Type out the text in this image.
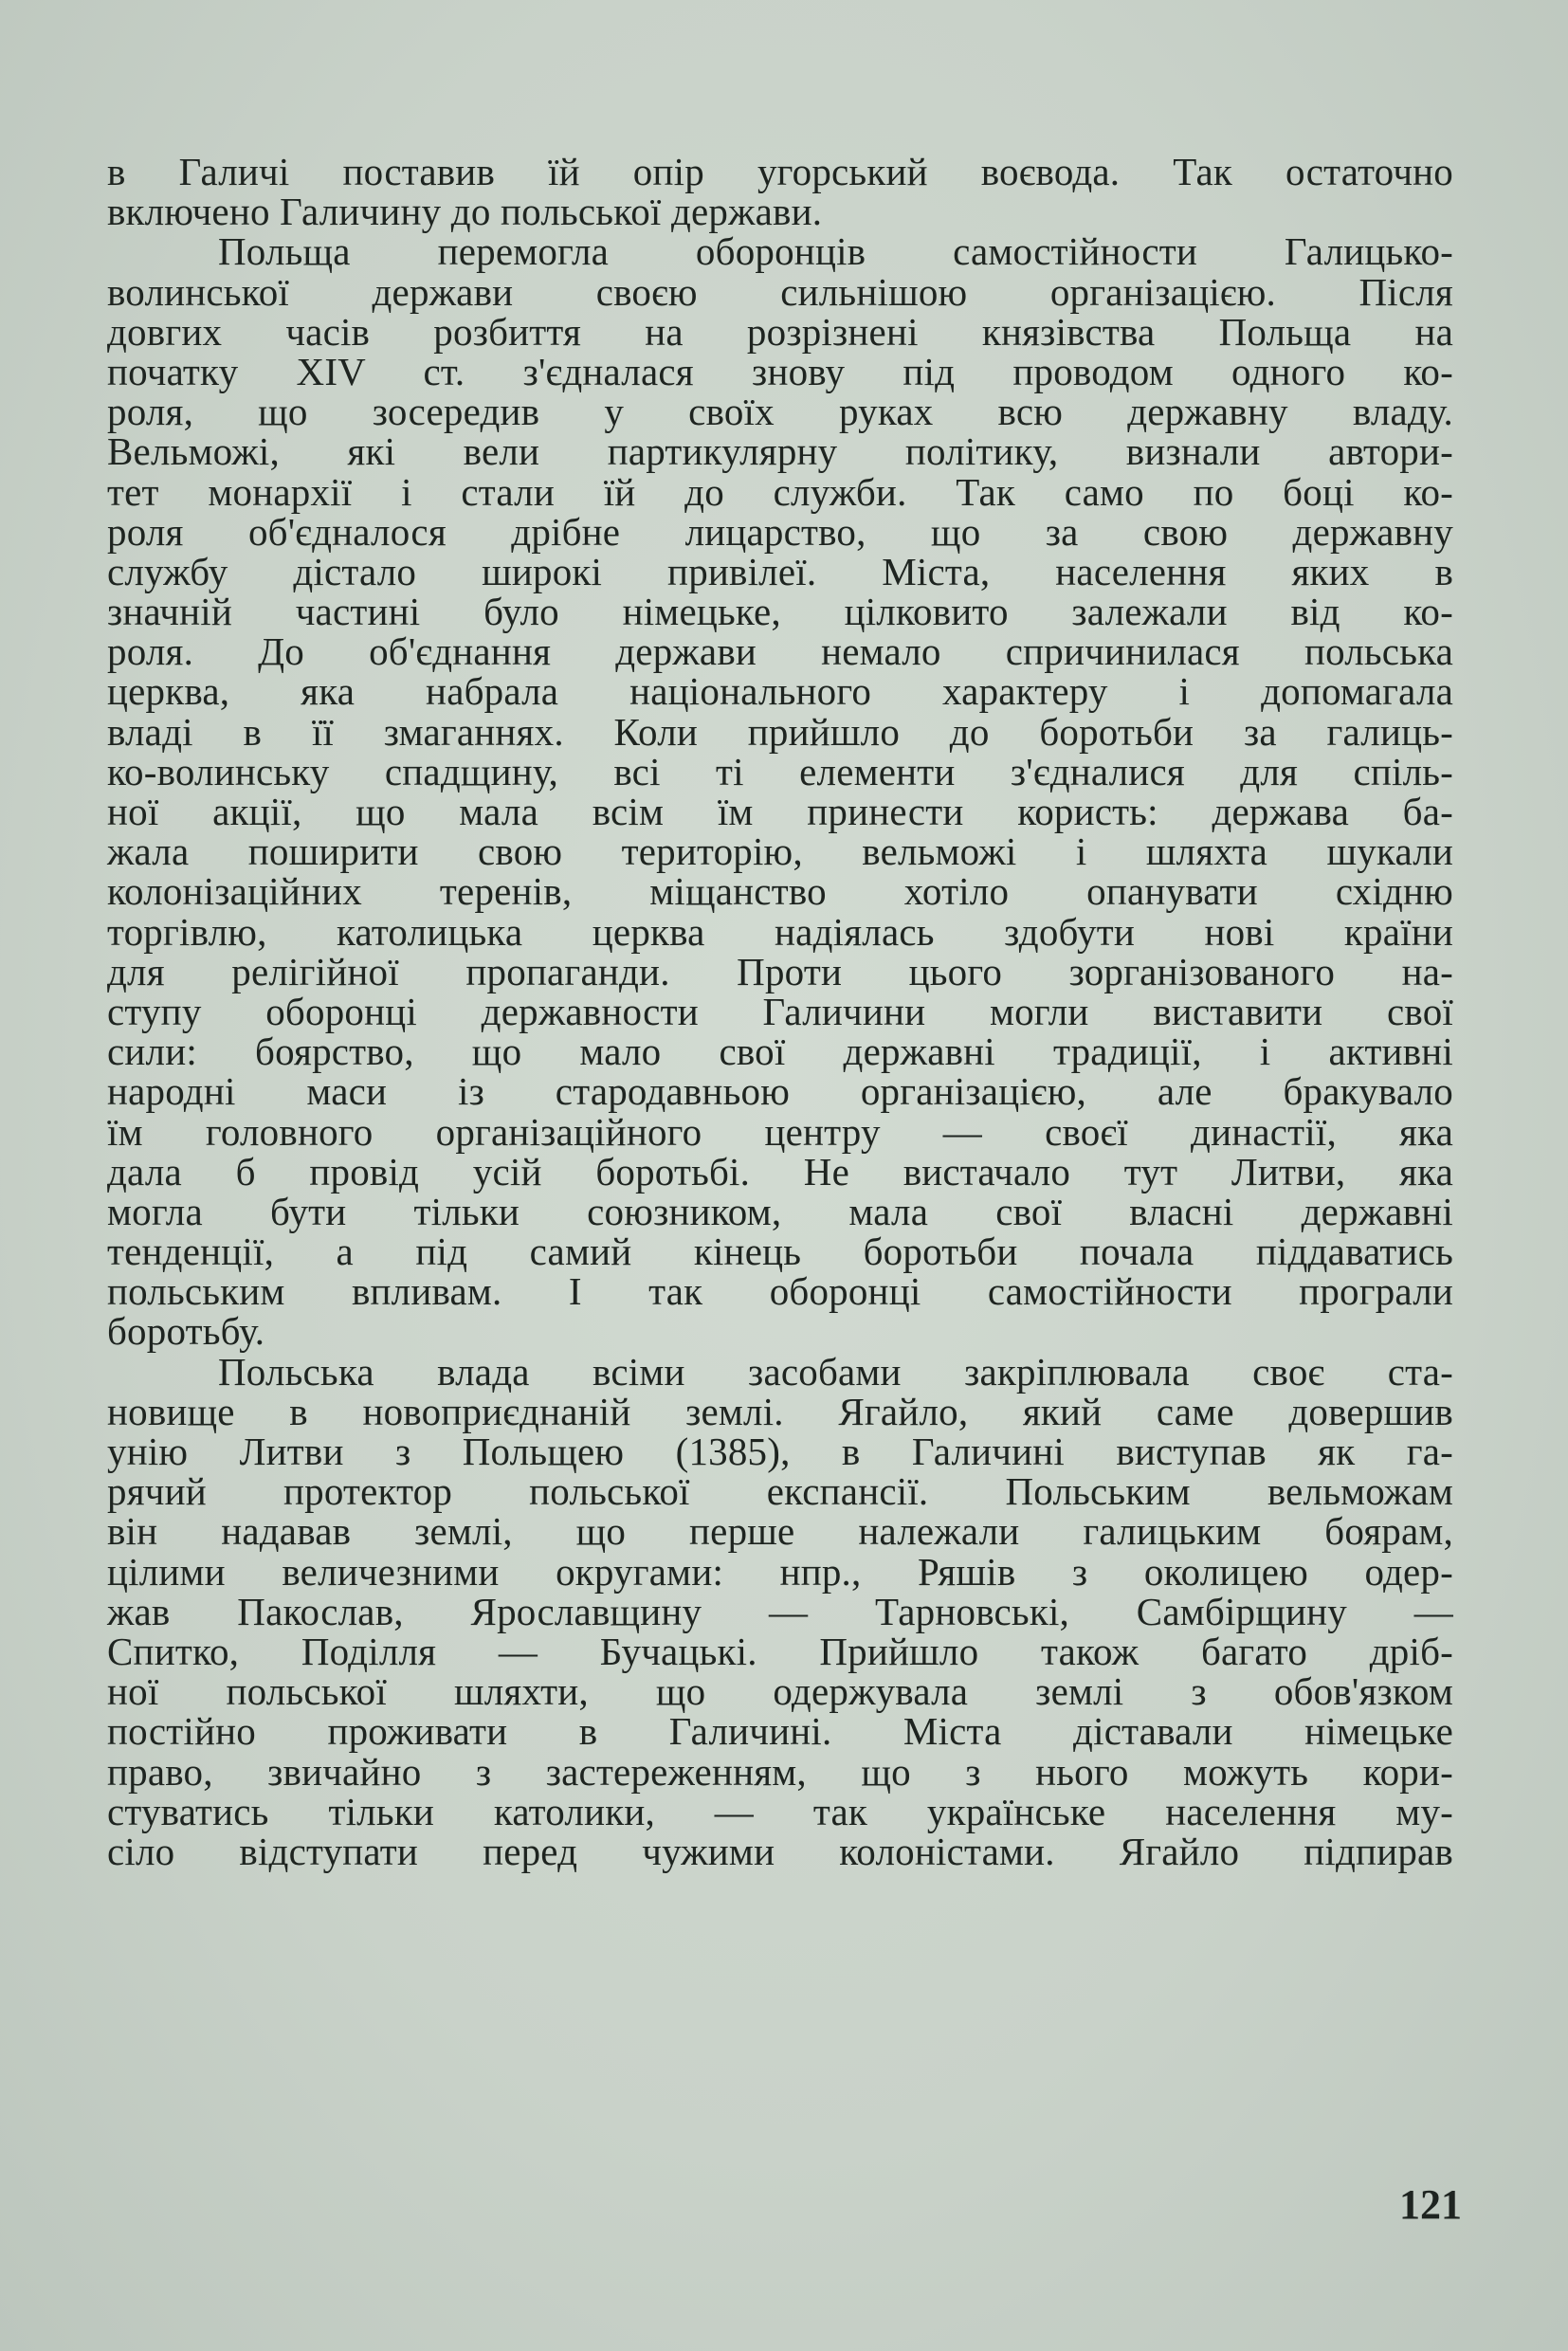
в Галичі поставив їй опір угорський воєвода. Так остаточно
включено Галичину до польської держави.
Польща перемогла оборонців самостійности Галицько-
волинської держави своєю сильнішою організацією. Після
довгих часів розбиття на розрізнені князівства Польща на
початку XIV ст. з'єдналася знову під проводом одного ко-
роля, що зосередив у своїх руках всю державну владу.
Вельможі, які вели партикулярну політику, визнали автори-
тет монархії і стали їй до служби. Так само по боці ко-
роля об'єдналося дрібне лицарство, що за свою державну
службу дістало широкі привілеї. Міста, населення яких в
значній частині було німецьке, цілковито залежали від ко-
роля. До об'єднання держави немало спричинилася польська
церква, яка набрала національного характеру і допомагала
владі в її змаганнях. Коли прийшло до боротьби за галиць-
ко-волинську спадщину, всі ті елементи з'єдналися для спіль-
ної акції, що мала всім їм принести користь: держава ба-
жала поширити свою територію, вельможі і шляхта шукали
колонізаційних теренів, міщанство хотіло опанувати східню
торгівлю, католицька церква надіялась здобути нові країни
для релігійної пропаганди. Проти цього зорганізованого на-
ступу оборонці державности Галичини могли виставити свої
сили: боярство, що мало свої державні традиції, і активні
народні маси із стародавньою організацією, але бракувало
їм головного організаційного центру — своєї династії, яка
дала б провід усій боротьбі. Не вистачало тут Литви, яка
могла бути тільки союзником, мала свої власні державні
тенденції, а під самий кінець боротьби почала піддаватись
польським впливам. І так оборонці самостійности програли
боротьбу.
Польська влада всіми засобами закріплювала своє ста-
новище в новоприєднаній землі. Ягайло, який саме довершив
унію Литви з Польщею (1385), в Галичині виступав як га-
рячий протектор польської експансії. Польським вельможам
він надавав землі, що перше належали галицьким боярам,
цілими величезними округами: нпр., Ряшів з околицею одер-
жав Пакослав, Ярославщину — Тарновські, Самбірщину —
Спитко, Поділля — Бучацькі. Прийшло також багато дріб-
ної польської шляхти, що одержувала землі з обов'язком
постійно проживати в Галичині. Міста діставали німецьке
право, звичайно з застереженням, що з нього можуть кори-
стуватись тільки католики, — так українське населення му-
сіло відступати перед чужими колоністами. Ягайло підпирав
121
